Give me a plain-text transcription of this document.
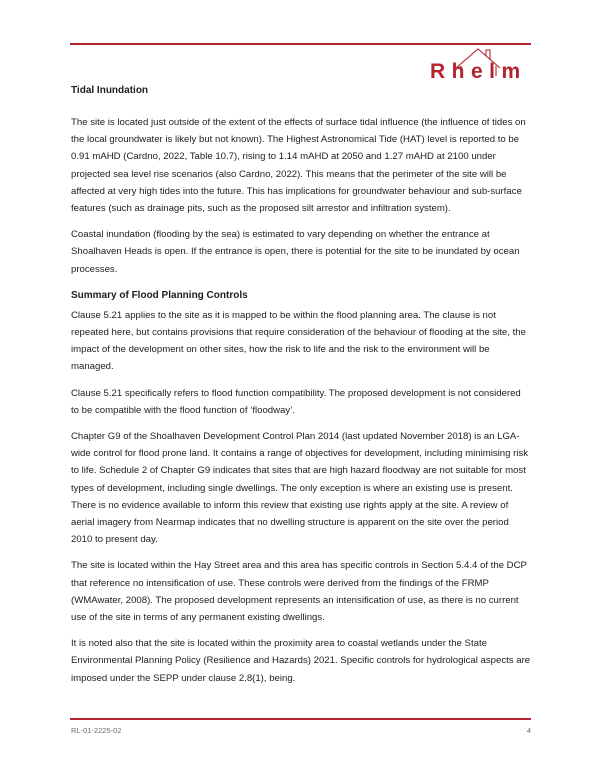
Rhelm
Tidal Inundation

The site is located just outside of the extent of the effects of surface tidal influence (the influence of tides on the local groundwater is likely but not known). The Highest Astronomical Tide (HAT) level is reported to be 0.91 mAHD (Cardno, 2022, Table 10.7), rising to 1.14 mAHD at 2050 and 1.27 mAHD at 2100 under projected sea level rise scenarios (also Cardno, 2022). This means that the perimeter of the site will be affected at very high tides into the future. This has implications for groundwater behaviour and sub-surface features (such as drainage pits, such as the proposed silt arrestor and infiltration system).

Coastal inundation (flooding by the sea) is estimated to vary depending on whether the entrance at Shoalhaven Heads is open. If the entrance is open, there is potential for the site to be inundated by ocean processes.

Summary of Flood Planning Controls

Clause 5.21 applies to the site as it is mapped to be within the flood planning area. The clause is not repeated here, but contains provisions that require consideration of the behaviour of flooding at the site, the impact of the development on other sites, how the risk to life and the risk to the environment will be managed.

Clause 5.21 specifically refers to flood function compatibility. The proposed development is not considered to be compatible with the flood function of ‘floodway’.

Chapter G9 of the Shoalhaven Development Control Plan 2014 (last updated November 2018) is an LGA-wide control for flood prone land. It contains a range of objectives for development, including minimising risk to life. Schedule 2 of Chapter G9 indicates that sites that are high hazard floodway are not suitable for most types of development, including single dwellings. The only exception is where an existing use is present. There is no evidence available to inform this review that existing use rights apply at the site. A review of aerial imagery from Nearmap indicates that no dwelling structure is apparent on the site over the period 2010 to present day.

The site is located within the Hay Street area and this area has specific controls in Section 5.4.4 of the DCP that reference no intensification of use. These controls were derived from the findings of the FRMP (WMAwater, 2008). The proposed development represents an intensification of use, as there is no current use of the site in terms of any permanent existing dwellings.

It is noted also that the site is located within the proximity area to coastal wetlands under the State Environmental Planning Policy (Resilience and Hazards) 2021. Specific controls for hydrological aspects are imposed under the SEPP under clause 2.8(1), being.

RL-01-2225-02	4
